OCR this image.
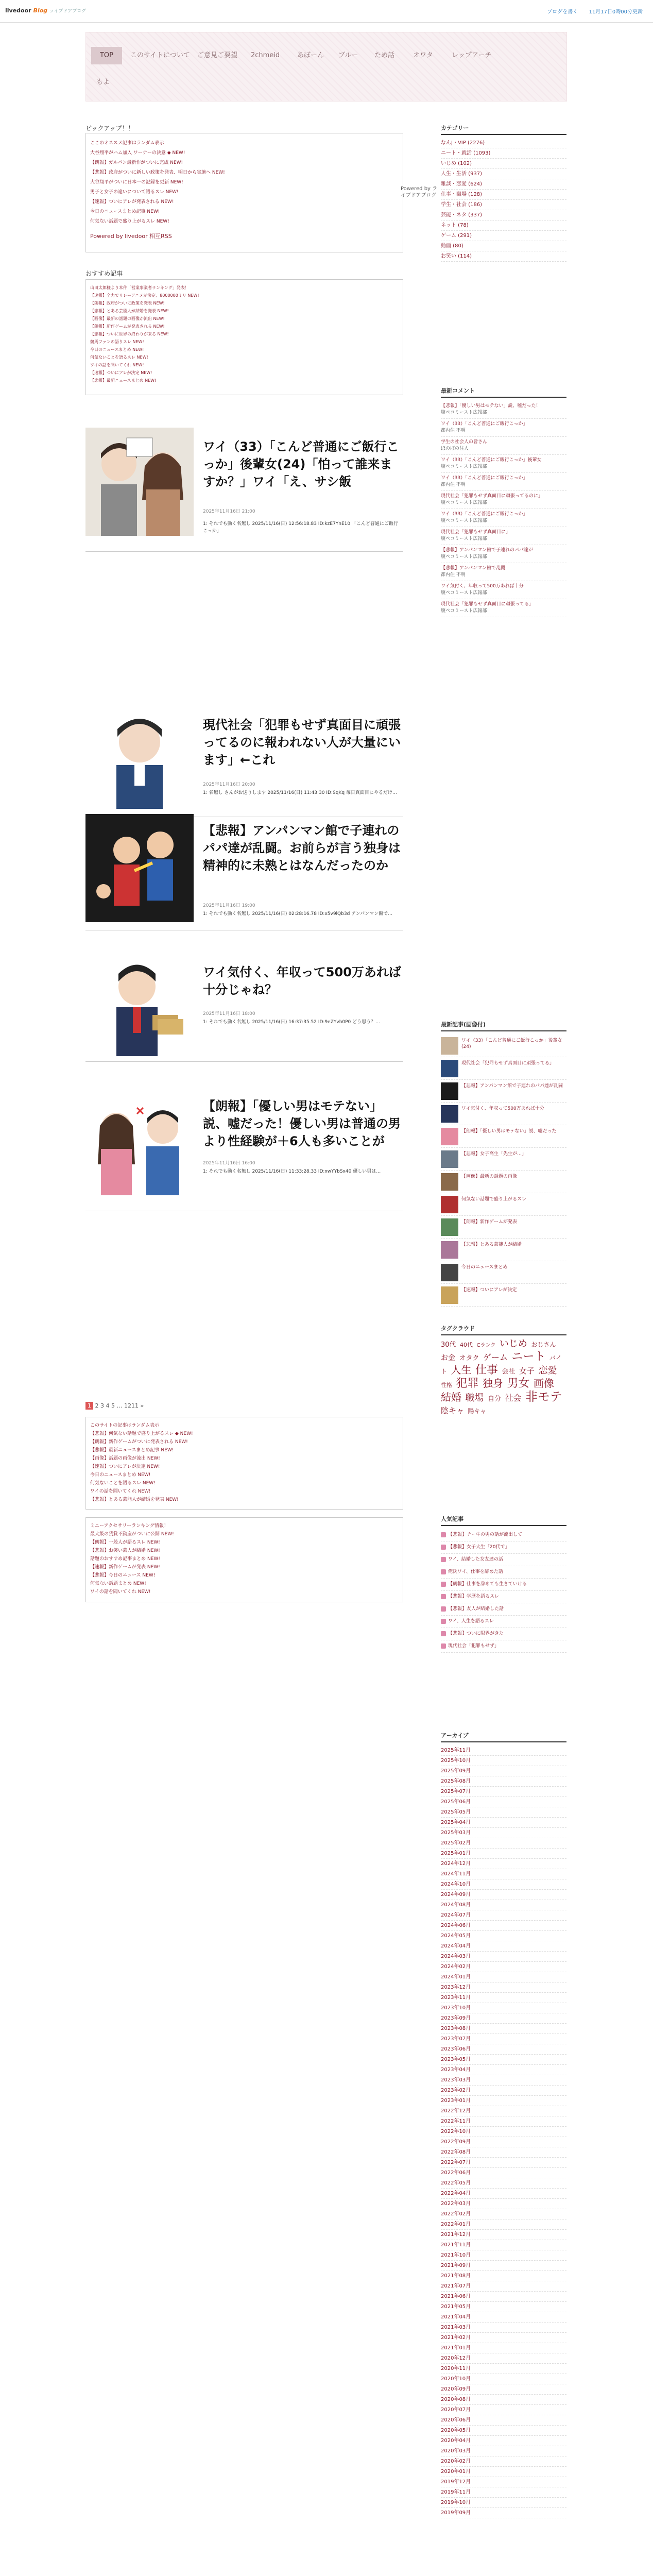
livedoor Blog ライブドアブログ	ブログを書く 11月17日0時00分更新
TOP	このサイトについて	ご意見ご要望	2chmeid	あぼーん	ブルー	ため話	オワタ	レップアーチ
もよ
ピックアップ！！
ここのオススメ記事はランダム表示
大谷翔平がハム加入 ワーナーの決意 ◆ NEW!
【朗報】ガルパン最新作がついに完成 NEW!
【悲報】政府がついに新しい政策を発表、明日から実施へ NEW!
大谷翔平がついに日本一の記録を更新 NEW!
男子と女子の違いについて語るスレ NEW!
【速報】ついにアレが発表される NEW!
今日のニュースまとめ記事 NEW!
何気ない話題で盛り上がるスレ NEW!
Powered by livedoor 相互RSS
Powered by ライブドアブログ
おすすめ記事
山田太郎様より本件「営業事業者ランキング」発表！
【速報】全力でリレーアニメが決定、8000000ミリ NEW!
【朗報】政府がついに政策を発表 NEW!
【悲報】とある芸能人が結婚を発表 NEW!
【画像】最新の話題の画像が流出 NEW!
【朗報】新作ゲームが発表される NEW!
【悲報】ついに世界の終わりが来る NEW!
競馬ファンの語りスレ NEW!
今日のニュースまとめ NEW!
何気ないことを語るスレ NEW!
ワイの話を聞いてくれ NEW!
【速報】ついにアレが決定 NEW!
【悲報】最新ニュースまとめ NEW!
ワイ（33）「こんど普通にご飯行こっか」後輩女(24)「怕って誰来ますか？」ワイ「え、サシ飯
2025年11月16日 21:00
1: それでも動く名無し 2025/11/16(日) 12:56:18.83 ID:kzE7YnE10 「こんど普通にご飯行こっか」
現代社会「犯罪もせず真面目に頑張ってるのに報われない人が大量にいます」←これ
2025年11月16日 20:00
1: 名無し さんがお送りします 2025/11/16(日) 11:43:30 ID:SqKq 毎日真面目にやるだけ…
【悲報】アンパンマン館で子連れのパパ達が乱闘。お前らが言う独身は精神的に未熟とはなんだったのか
2025年11月16日 19:00
1: それでも動く名無し 2025/11/16(日) 02:28:16.78 ID:x5v9lQb3d アンパンマン館で…
ワイ気付く、年収って500万あれば十分じゃね？
2025年11月16日 18:00
1: それでも動く名無し 2025/11/16(日) 16:37:35.52 ID:9eZYvh0P0 どう思う？…
【朗報】「優しい男はモテない」説、嘘だった！優しい男は普通の男より性経験が＋6人も多いことが
2025年11月16日 16:00
1: それでも動く名無し 2025/11/16(日) 11:33:28.33 ID:xwYYbSx40 優しい男は…
1 2 3 4 5 … 1211 »
このサイトの記事はランダム表示
【悲報】何気ない話題で盛り上がるスレ ◆ NEW!
【朗報】新作ゲームがついに発表される NEW!
【悲報】最新ニュースまとめ記事 NEW!
【画像】話題の画像が流出 NEW!
【速報】ついにアレが決定 NEW!
今日のニュースまとめ NEW!
何気ないことを語るスレ NEW!
ワイの話を聞いてくれ NEW!
【悲報】とある芸能人が結婚を発表 NEW!
ミニーアクセサリーランキング情報！
最大級の賃貸不動産がついに公開 NEW!
【朗報】一般人が語るスレ NEW!
【悲報】お笑い芸人が結婚 NEW!
話題のおすすめ記事まとめ NEW!
【速報】新作ゲームが発表 NEW!
【悲報】今日のニュース NEW!
何気ない話題まとめ NEW!
ワイの話を聞いてくれ NEW!
カテゴリー
なんJ・VIP (2276)
ニート・就活 (1093)
いじめ (102)
人生・生活 (937)
雑談・恋愛 (624)
仕事・職場 (128)
学生・社会 (186)
芸能・ネタ (337)
ネット (78)
ゲーム (291)
動画 (80)
お笑い (114)
最新コメント
【悲報】「優しい男はモテない」説、嘘だった！
腹ペコミースト広報部
ワイ（33）「こんど普通にご飯行こっか」
都内住 不明
学生の社会人の皆さん
ほのぼの住人
ワイ（33）「こんど普通にご飯行こっか」後輩女
腹ペコミースト広報部
ワイ（33）「こんど普通にご飯行こっか」
都内住 不明
現代社会「犯罪もせず真面目に頑張ってるのに」
腹ペコミースト広報部
ワイ（33）「こんど普通にご飯行こっか」
腹ペコミースト広報部
現代社会「犯罪もせず真面目に」
腹ペコミースト広報部
【悲報】アンパンマン館で子連れのパパ達が
腹ペコミースト広報部
【悲報】アンパンマン館で乱闘
都内住 不明
ワイ気付く、年収って500万あれば十分
腹ペコミースト広報部
現代社会「犯罪もせず真面目に頑張ってる」
腹ペコミースト広報部
最新記事(画像付)
ワイ（33）「こんど普通にご飯行こっか」後輩女(24)
現代社会「犯罪もせず真面目に頑張ってる」
【悲報】アンパンマン館で子連れのパパ達が乱闘
ワイ気付く、年収って500万あれば十分
【朗報】「優しい男はモテない」説、嘘だった
【悲報】女子高生「先生が…」
【画像】最新の話題の画像
何気ない話題で盛り上がるスレ
【朗報】新作ゲームが発表
【悲報】とある芸能人が結婚
今日のニュースまとめ
【速報】ついにアレが決定
タグクラウド
30代 40代 Cランク いじめ おじさん お金 オタク ゲーム ニート バイト 人生 仕事 会社 女子 恋愛 性格 犯罪 独身 男女 画像 結婚 職場 自分 社会 非モテ 陰キャ 陽キャ
人気記事
【悲報】チー牛の男の話が流出して
【悲報】女子大生「20代で」
ワイ、結婚した女友達の話
俺氏ワイ、仕事を辞めた話
【朗報】仕事を辞めても生きていける
【悲報】学歴を語るスレ
【悲報】友人が結婚した話
ワイ、人生を語るスレ
【悲報】ついに限界がきた
現代社会「犯罪もせず」
アーカイブ
2025年11月
2025年10月
2025年09月
2025年08月
2025年07月
2025年06月
2025年05月
2025年04月
2025年03月
2025年02月
2025年01月
2024年12月
2024年11月
2024年10月
2024年09月
2024年08月
2024年07月
2024年06月
2024年05月
2024年04月
2024年03月
2024年02月
2024年01月
2023年12月
2023年11月
2023年10月
2023年09月
2023年08月
2023年07月
2023年06月
2023年05月
2023年04月
2023年03月
2023年02月
2023年01月
2022年12月
2022年11月
2022年10月
2022年09月
2022年08月
2022年07月
2022年06月
2022年05月
2022年04月
2022年03月
2022年02月
2022年01月
2021年12月
2021年11月
2021年10月
2021年09月
2021年08月
2021年07月
2021年06月
2021年05月
2021年04月
2021年03月
2021年02月
2021年01月
2020年12月
2020年11月
2020年10月
2020年09月
2020年08月
2020年07月
2020年06月
2020年05月
2020年04月
2020年03月
2020年02月
2020年01月
2019年12月
2019年11月
2019年10月
2019年09月
